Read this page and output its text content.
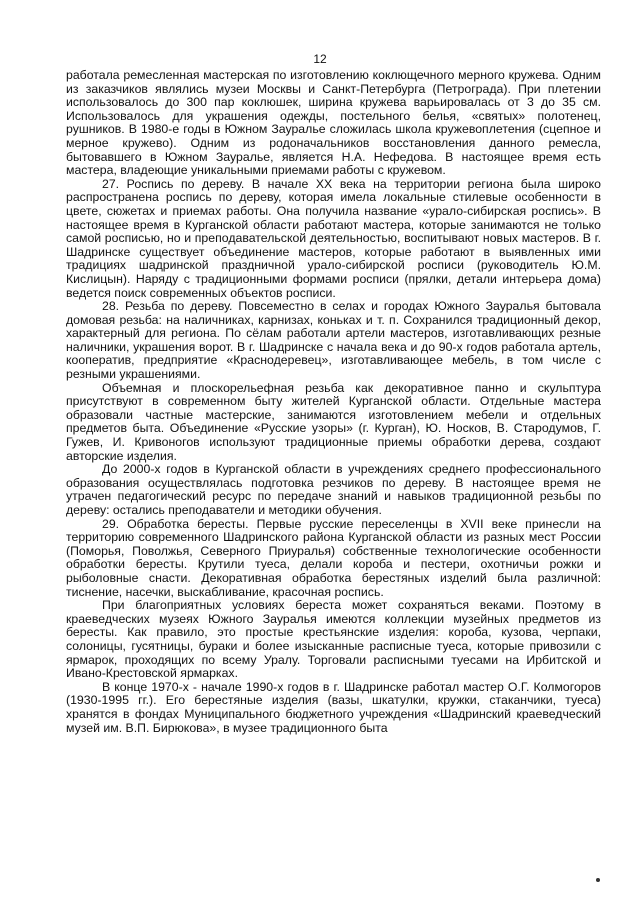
12

работала ремесленная мастерская по изготовлению коклющечного мерного кружева. Одним из заказчиков являлись музеи Москвы и Санкт-Петербурга (Петрограда). При плетении использовалось до 300 пар коклюшек, ширина кружева варьировалась от 3 до 35 см. Использовалось для украшения одежды, постельного белья, «святых» полотенец, рушников. В 1980-е годы в Южном Зауралье сложилась школа кружевоплетения (сцепное и мерное кружево). Одним из родоначальников восстановления данного ремесла, бытовавшего в Южном Зауралье, является Н.А. Нефедова. В настоящее время есть мастера, владеющие уникальными приемами работы с кружевом.

27. Роспись по дереву. В начале XX века на территории региона была широко распространена роспись по дереву, которая имела локальные стилевые особенности в цвете, сюжетах и приемах работы. Она получила название «урало-сибирская роспись». В настоящее время в Курганской области работают мастера, которые занимаются не только самой росписью, но и преподавательской деятельностью, воспитывают новых мастеров. В г. Шадринске существует объединение мастеров, которые работают в выявленных ими традициях шадринской праздничной урало-сибирской росписи (руководитель Ю.М. Кислицын). Наряду с традиционными формами росписи (прялки, детали интерьера дома) ведется поиск современных объектов росписи.

28. Резьба по дереву. Повсеместно в селах и городах Южного Зауралья бытовала домовая резьба: на наличниках, карнизах, коньках и т. п. Сохранился традиционный декор, характерный для региона. По сёлам работали артели мастеров, изготавливающих резные наличники, украшения ворот. В г. Шадринске с начала века и до 90-х годов работала артель, кооператив, предприятие «Краснодеревец», изготавливающее мебель, в том числе с резными украшениями.

Объемная и плоскорельефная резьба как декоративное панно и скульптура присутствуют в современном быту жителей Курганской области. Отдельные мастера образовали частные мастерские, занимаются изготовлением мебели и отдельных предметов быта. Объединение «Русские узоры» (г. Курган), Ю. Носков, В. Стародумов, Г. Гужев, И. Кривоногов используют традиционные приемы обработки дерева, создают авторские изделия.

До 2000-х годов в Курганской области в учреждениях среднего профессионального образования осуществлялась подготовка резчиков по дереву. В настоящее время не утрачен педагогический ресурс по передаче знаний и навыков традиционной резьбы по дереву: остались преподаватели и методики обучения.

29. Обработка бересты. Первые русские переселенцы в XVII веке принесли на территорию современного Шадринского района Курганской области из разных мест России (Поморья, Поволжья, Северного Приуралья) собственные технологические особенности обработки бересты. Крутили туеса, делали короба и пестери, охотничьи рожки и рыболовные снасти. Декоративная обработка берестяных изделий была различной: тиснение, насечки, выскабливание, красочная роспись.

При благоприятных условиях береста может сохраняться веками. Поэтому в краеведческих музеях Южного Зауралья имеются коллекции музейных предметов из бересты. Как правило, это простые крестьянские изделия: короба, кузова, черпаки, солоницы, гусятницы, бураки и более изысканные расписные туеса, которые привозили с ярмарок, проходящих по всему Уралу. Торговали расписными туесами на Ирбитской и Ивано-Крестовской ярмарках.

В конце 1970-х - начале 1990-х годов в г. Шадринске работал мастер О.Г. Колмогоров (1930-1995 гг.). Его берестяные изделия (вазы, шкатулки, кружки, стаканчики, туеса) хранятся в фондах Муниципального бюджетного учреждения «Шадринский краеведческий музей им. В.П. Бирюкова», в музее традиционного быта
